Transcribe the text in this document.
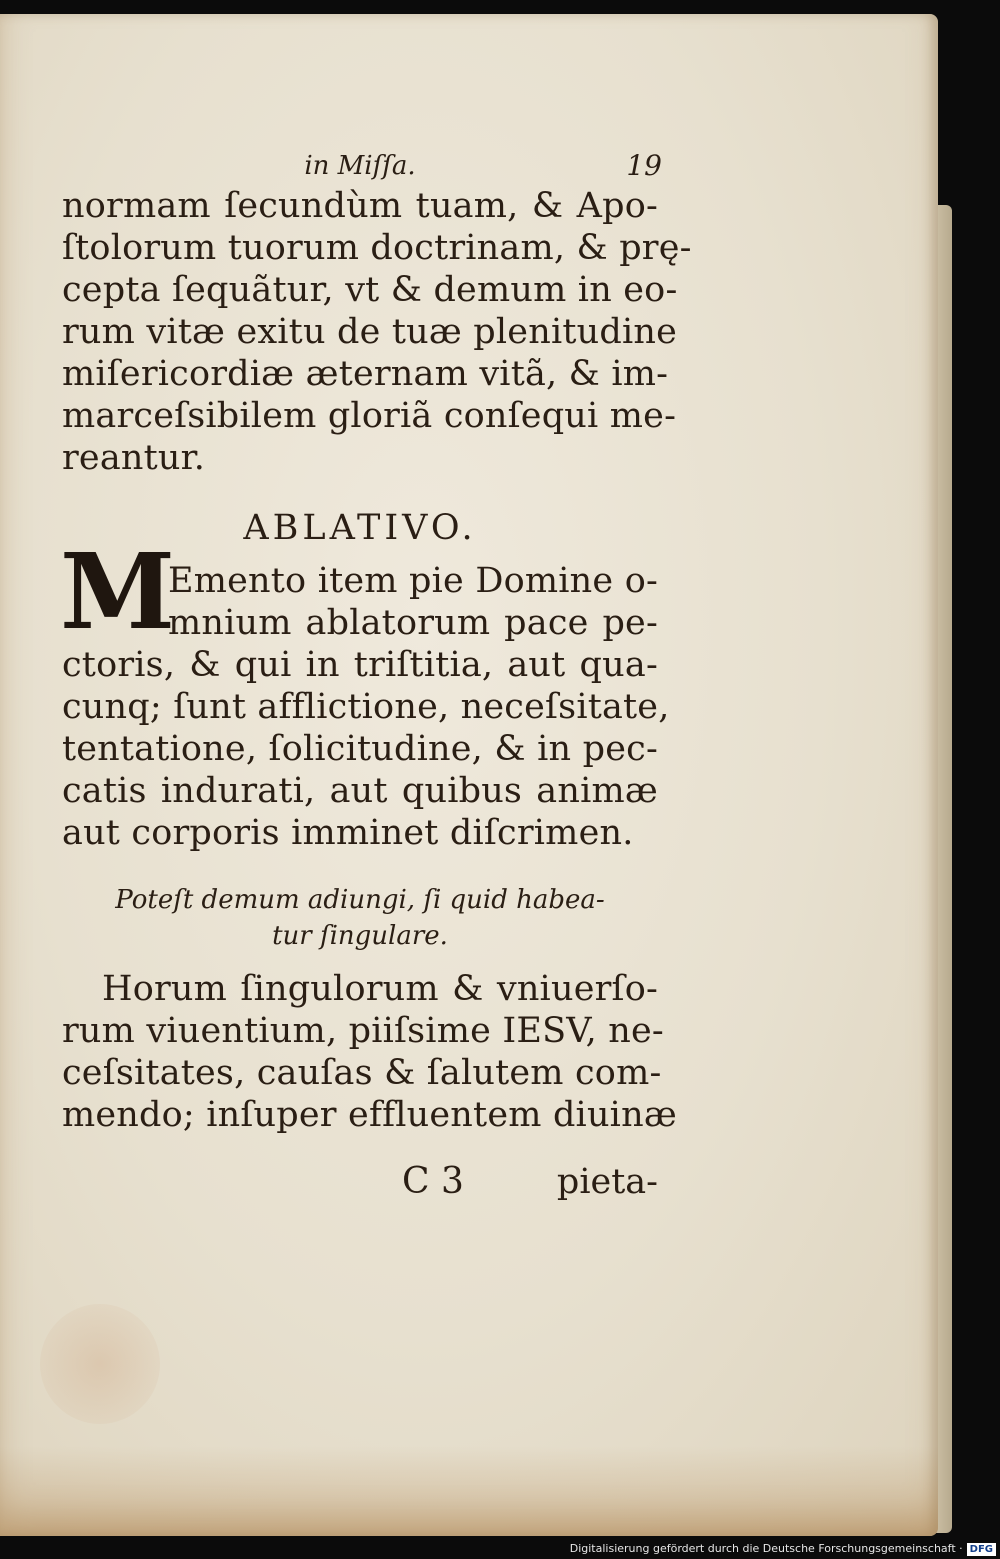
in Miſſa.	19
normam ſecundùm tuam, & Apo-
ſtolorum tuorum doctrinam, & prę-
cepta ſequãtur, vt & demum in eo-
rum vitæ exitu de tuæ plenitudine
miſericordiæ æternam vitã, & im-
marceſsibilem gloriã conſequi me-
reantur.
ABLATIVO.
M
Emento item pie Domine o-
mnium ablatorum pace pe-
ctoris, & qui in triſtitia, aut qua-
cunq; ſunt afflictione, neceſsitate,
tentatione, ſolicitudine, & in pec-
catis indurati, aut quibus animæ
aut corporis imminet diſcrimen.
Poteſt demum adiungi, ſi quid habea-
tur ſingulare.
Horum ſingulorum & vniuerſo-
rum viuentium, piiſsime IESV, ne-
ceſsitates, cauſas & ſalutem com-
mendo; inſuper effluentem diuinæ
C 3	pieta-
Digitalisierung gefördert durch die Deutsche Forschungsgemeinschaft · DFG
